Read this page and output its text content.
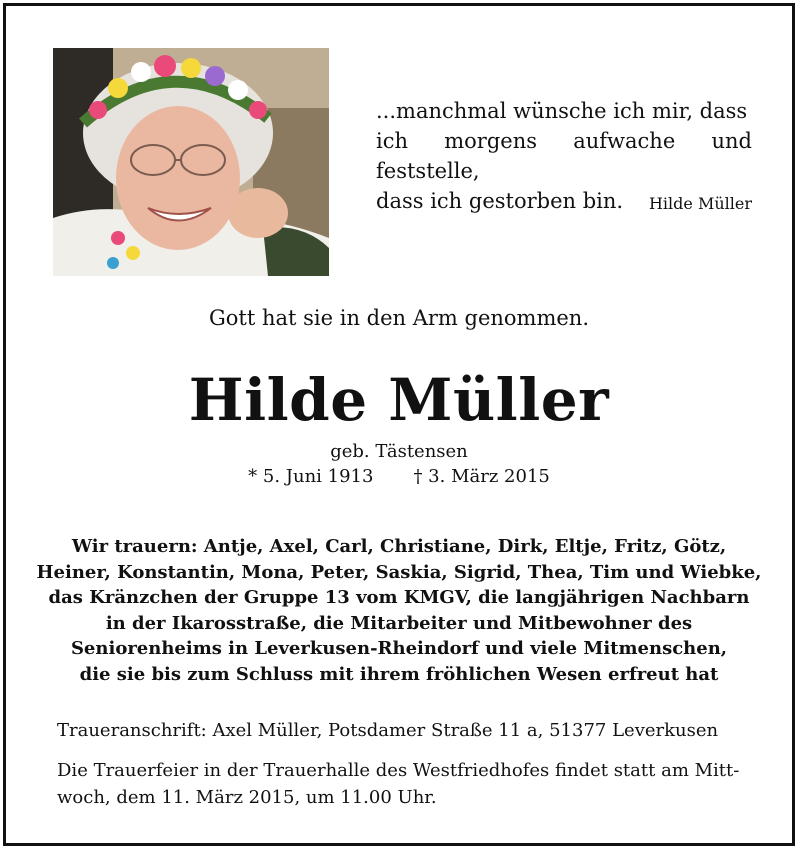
...manchmal wünsche ich mir, dass
ich morgens aufwache und feststelle,
dass ich gestorben bin.	Hilde Müller
Gott hat sie in den Arm genommen.
Hilde Müller
geb. Tästensen
* 5. Juni 1913 † 3. März 2015
Wir trauern: Antje, Axel, Carl, Christiane, Dirk, Eltje, Fritz, Götz,
Heiner, Konstantin, Mona, Peter, Saskia, Sigrid, Thea, Tim und Wiebke,
das Kränzchen der Gruppe 13 vom KMGV, die langjährigen Nachbarn
in der Ikarosstraße, die Mitarbeiter und Mitbewohner des
Seniorenheims in Leverkusen-Rheindorf und viele Mitmenschen,
die sie bis zum Schluss mit ihrem fröhlichen Wesen erfreut hat
Traueranschrift: Axel Müller, Potsdamer Straße 11 a, 51377 Leverkusen
Die Trauerfeier in der Trauerhalle des Westfriedhofes findet statt am Mitt-
woch, dem 11. März 2015, um 11.00 Uhr.
